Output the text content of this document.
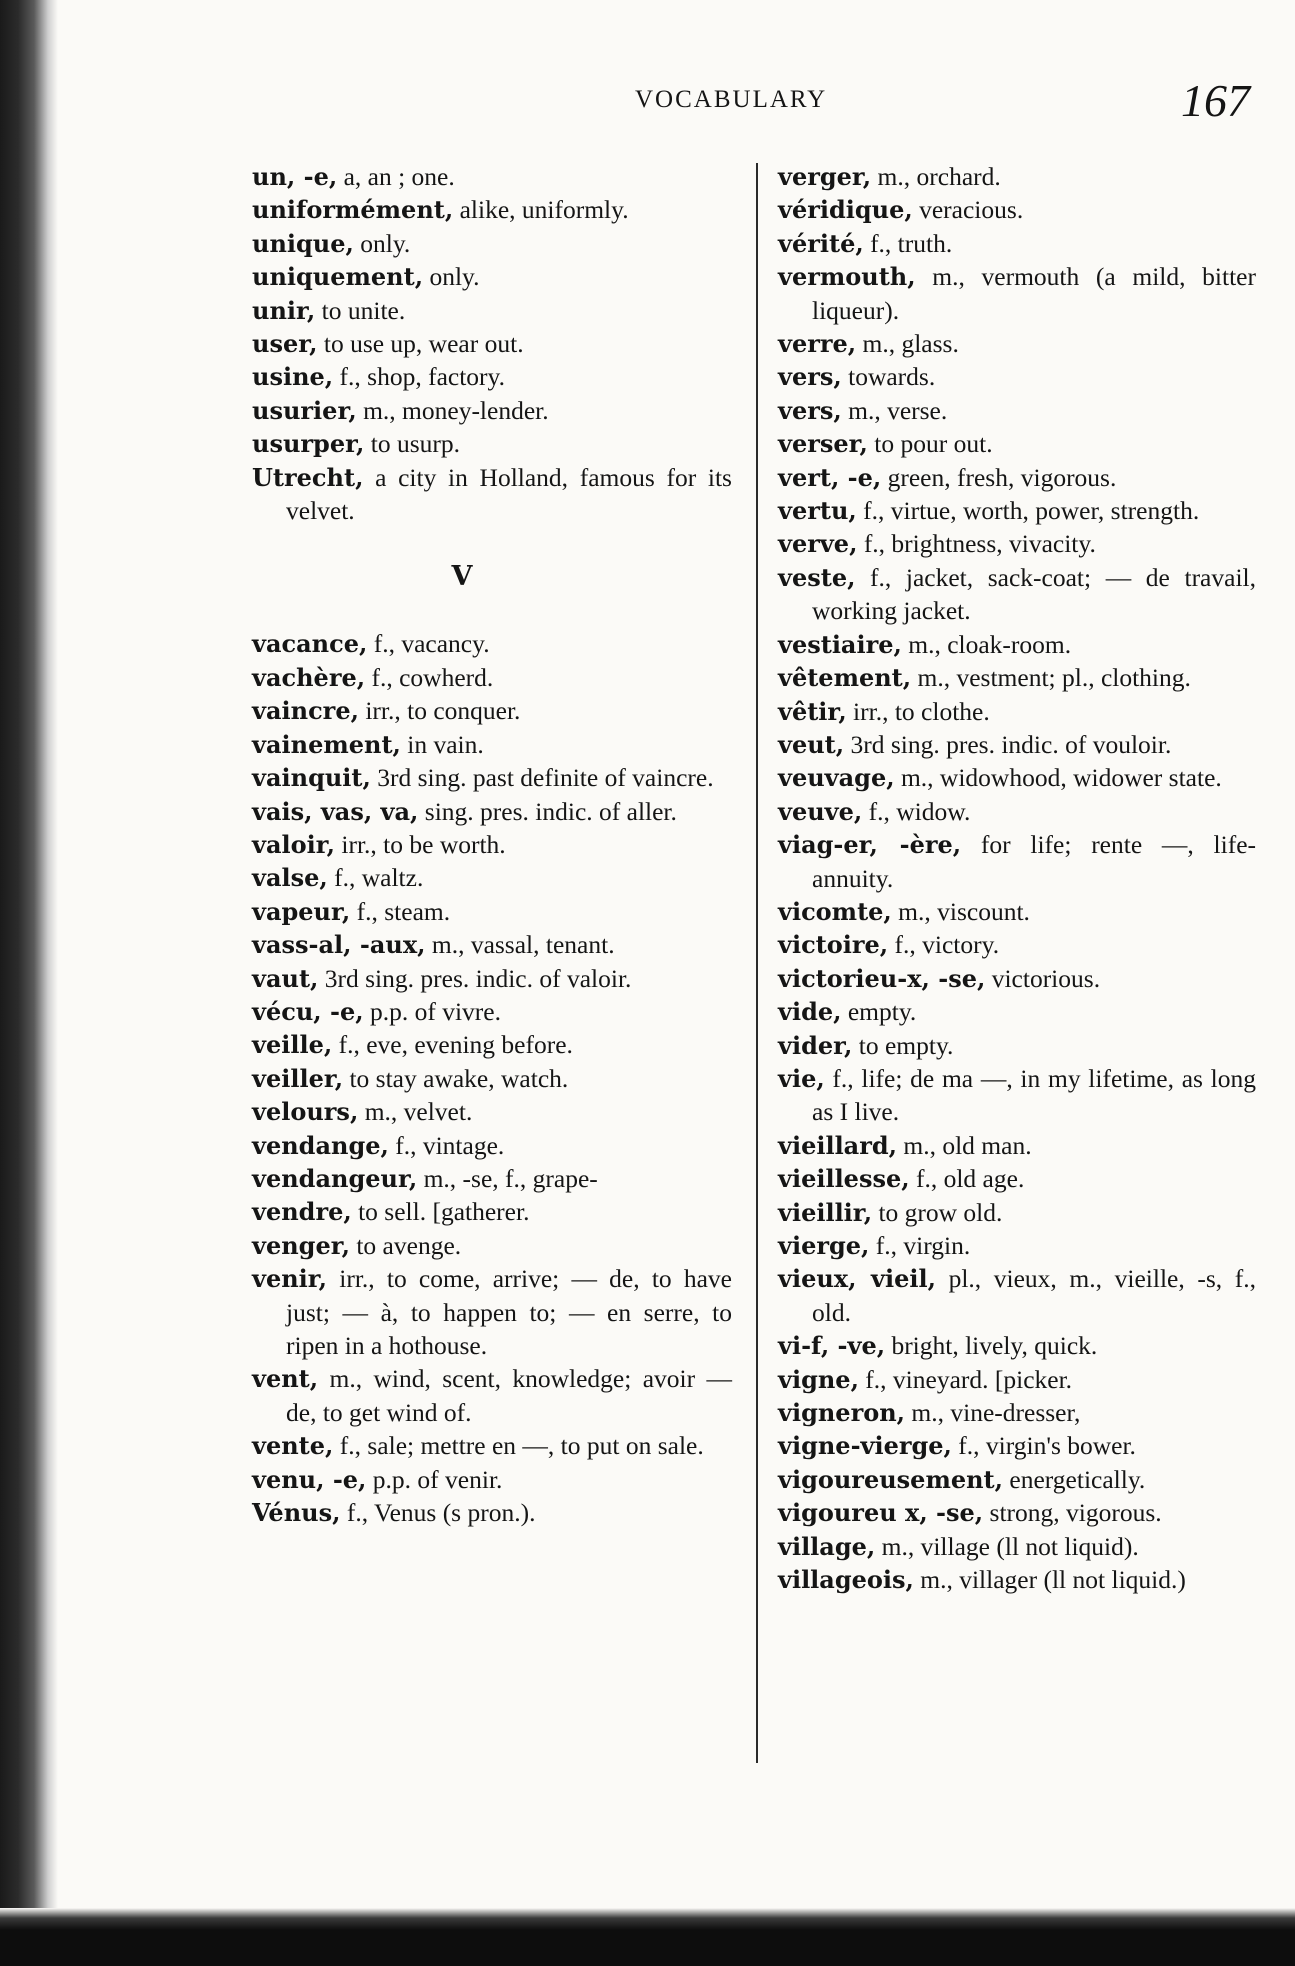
VOCABULARY	167

un, -e, a, an ; one.

uniformément, alike, uniformly.

unique, only.

uniquement, only.

unir, to unite.

user, to use up, wear out.

usine, f., shop, factory.

usurier, m., money-lender.

usurper, to usurp.

Utrecht, a city in Holland, famous for its velvet.

V

vacance, f., vacancy.

vachère, f., cowherd.

vaincre, irr., to conquer.

vainement, in vain.

vainquit, 3rd sing. past definite of vaincre.

vais, vas, va, sing. pres. indic. of aller.

valoir, irr., to be worth.

valse, f., waltz.

vapeur, f., steam.

vass-al, -aux, m., vassal, tenant.

vaut, 3rd sing. pres. indic. of valoir.

vécu, -e, p.p. of vivre.

veille, f., eve, evening before.

veiller, to stay awake, watch.

velours, m., velvet.

vendange, f., vintage.

vendangeur, m., -se, f., grape-

vendre, to sell. [gatherer.

venger, to avenge.

venir, irr., to come, arrive; — de, to have just; — à, to happen to; — en serre, to ripen in a hothouse.

vent, m., wind, scent, knowledge; avoir — de, to get wind of.

vente, f., sale; mettre en —, to put on sale.

venu, -e, p.p. of venir.

Vénus, f., Venus (s pron.).

verger, m., orchard.

véridique, veracious.

vérité, f., truth.

vermouth, m., vermouth (a mild, bitter liqueur).

verre, m., glass.

vers, towards.

vers, m., verse.

verser, to pour out.

vert, -e, green, fresh, vigorous.

vertu, f., virtue, worth, power, strength.

verve, f., brightness, vivacity.

veste, f., jacket, sack-coat; — de travail, working jacket.

vestiaire, m., cloak-room.

vêtement, m., vestment; pl., clothing.

vêtir, irr., to clothe.

veut, 3rd sing. pres. indic. of vouloir.

veuvage, m., widowhood, widower state.

veuve, f., widow.

viag-er, -ère, for life; rente —, life-annuity.

vicomte, m., viscount.

victoire, f., victory.

victorieu-x, -se, victorious.

vide, empty.

vider, to empty.

vie, f., life; de ma —, in my lifetime, as long as I live.

vieillard, m., old man.

vieillesse, f., old age.

vieillir, to grow old.

vierge, f., virgin.

vieux, vieil, pl., vieux, m., vieille, -s, f., old.

vi-f, -ve, bright, lively, quick.

vigne, f., vineyard. [picker.

vigneron, m., vine-dresser,

vigne-vierge, f., virgin's bower.

vigoureusement, energetically.

vigoureu x, -se, strong, vigorous.

village, m., village (ll not liquid).

villageois, m., villager (ll not liquid.)
